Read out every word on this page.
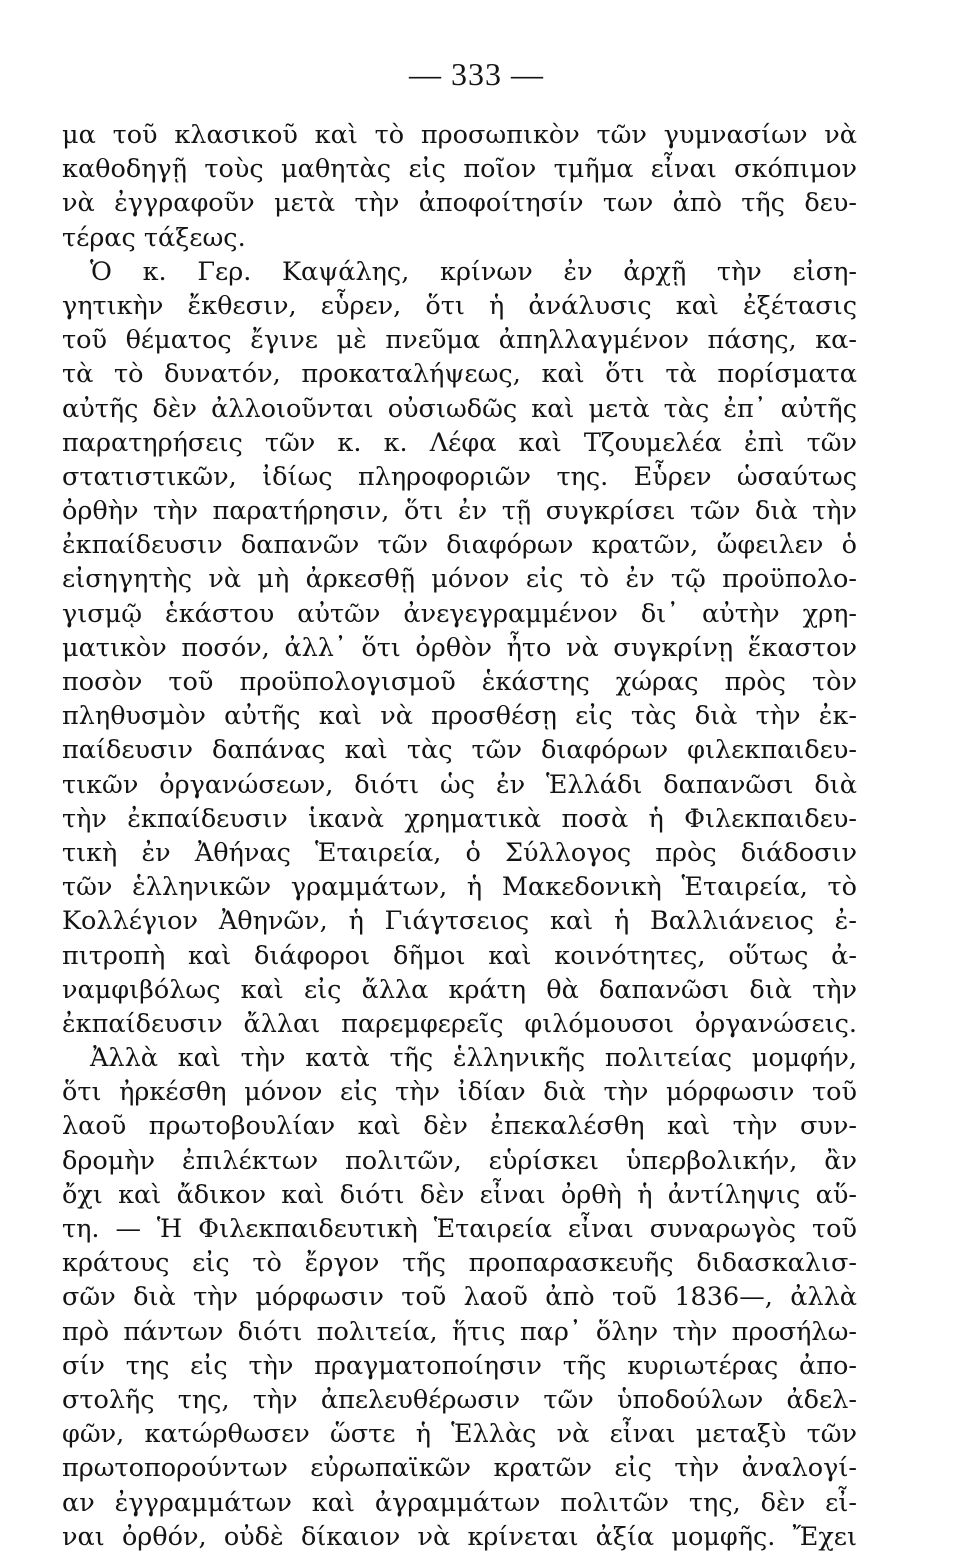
— 333 —
μα τοῦ κλασικοῦ καὶ τὸ προσωπικὸν τῶν γυμνασίων νὰ
καθοδηγῇ τοὺς μαθητὰς εἰς ποῖον τμῆμα εἶναι σκόπιμον
νὰ ἐγγραφοῦν μετὰ τὴν ἀποφοίτησίν των ἀπὸ τῆς δευ-
τέρας τάξεως.
Ὁ κ. Γερ. Καψάλης, κρίνων ἐν ἀρχῇ τὴν εἰση-
γητικὴν ἔκθεσιν, εὗρεν, ὅτι ἡ ἀνάλυσις καὶ ἐξέτασις
τοῦ θέματος ἔγινε μὲ πνεῦμα ἀπηλλαγμένον πάσης, κα-
τὰ τὸ δυνατόν, προκαταλήψεως, καὶ ὅτι τὰ πορίσματα
αὐτῆς δὲν ἀλλοιοῦνται οὐσιωδῶς καὶ μετὰ τὰς ἐπ᾽ αὐτῆς
παρατηρήσεις τῶν κ. κ. Λέφα καὶ Τζουμελέα ἐπὶ τῶν
στατιστικῶν, ἰδίως πληροφοριῶν της. Εὗρεν ὡσαύτως
ὀρθὴν τὴν παρατήρησιν, ὅτι ἐν τῇ συγκρίσει τῶν διὰ τὴν
ἐκπαίδευσιν δαπανῶν τῶν διαφόρων κρατῶν, ὤφειλεν ὁ
εἰσηγητὴς νὰ μὴ ἀρκεσθῇ μόνον εἰς τὸ ἐν τῷ προϋπολο-
γισμῷ ἑκάστου αὐτῶν ἀνεγεγραμμένον δι᾽ αὐτὴν χρη-
ματικὸν ποσόν, ἀλλ᾽ ὅτι ὀρθὸν ἦτο νὰ συγκρίνῃ ἕκαστον
ποσὸν τοῦ προϋπολογισμοῦ ἑκάστης χώρας πρὸς τὸν
πληθυσμὸν αὐτῆς καὶ νὰ προσθέσῃ εἰς τὰς διὰ τὴν ἐκ-
παίδευσιν δαπάνας καὶ τὰς τῶν διαφόρων φιλεκπαιδευ-
τικῶν ὀργανώσεων, διότι ὡς ἐν Ἑλλάδι δαπανῶσι διὰ
τὴν ἐκπαίδευσιν ἱκανὰ χρηματικὰ ποσὰ ἡ Φιλεκπαιδευ-
τικὴ ἐν Ἀθήνας Ἑταιρεία, ὁ Σύλλογος πρὸς διάδοσιν
τῶν ἑλληνικῶν γραμμάτων, ἡ Μακεδονικὴ Ἑταιρεία, τὸ
Κολλέγιον Ἀθηνῶν, ἡ Γιάγτσειος καὶ ἡ Βαλλιάνειος ἐ-
πιτροπὴ καὶ διάφοροι δῆμοι καὶ κοινότητες, οὕτως ἀ-
ναμφιβόλως καὶ εἰς ἄλλα κράτη θὰ δαπανῶσι διὰ τὴν
ἐκπαίδευσιν ἄλλαι παρεμφερεῖς φιλόμουσοι ὀργανώσεις.
Ἀλλὰ καὶ τὴν κατὰ τῆς ἑλληνικῆς πολιτείας μομφήν,
ὅτι ἠρκέσθη μόνον εἰς τὴν ἰδίαν διὰ τὴν μόρφωσιν τοῦ
λαοῦ πρωτοβουλίαν καὶ δὲν ἐπεκαλέσθη καὶ τὴν συν-
δρομὴν ἐπιλέκτων πολιτῶν, εὑρίσκει ὑπερβολικήν, ἂν
ὄχι καὶ ἄδικον καὶ διότι δὲν εἶναι ὀρθὴ ἡ ἀντίληψις αὕ-
τη. — Ἡ Φιλεκπαιδευτικὴ Ἑταιρεία εἶναι συναρωγὸς τοῦ
κράτους εἰς τὸ ἔργον τῆς προπαρασκευῆς διδασκαλισ-
σῶν διὰ τὴν μόρφωσιν τοῦ λαοῦ ἀπὸ τοῦ 1836—, ἀλλὰ
πρὸ πάντων διότι πολιτεία, ἥτις παρ᾽ ὅλην τὴν προσήλω-
σίν της εἰς τὴν πραγματοποίησιν τῆς κυριωτέρας ἀπο-
στολῆς της, τὴν ἀπελευθέρωσιν τῶν ὑποδούλων ἀδελ-
φῶν, κατώρθωσεν ὥστε ἡ Ἑλλὰς νὰ εἶναι μεταξὺ τῶν
πρωτοπορούντων εὐρωπαϊκῶν κρατῶν εἰς τὴν ἀναλογί-
αν ἐγγραμμάτων καὶ ἀγραμμάτων πολιτῶν της, δὲν εἶ-
ναι ὀρθόν, οὐδὲ δίκαιον νὰ κρίνεται ἀξία μομφῆς. Ἔχει
